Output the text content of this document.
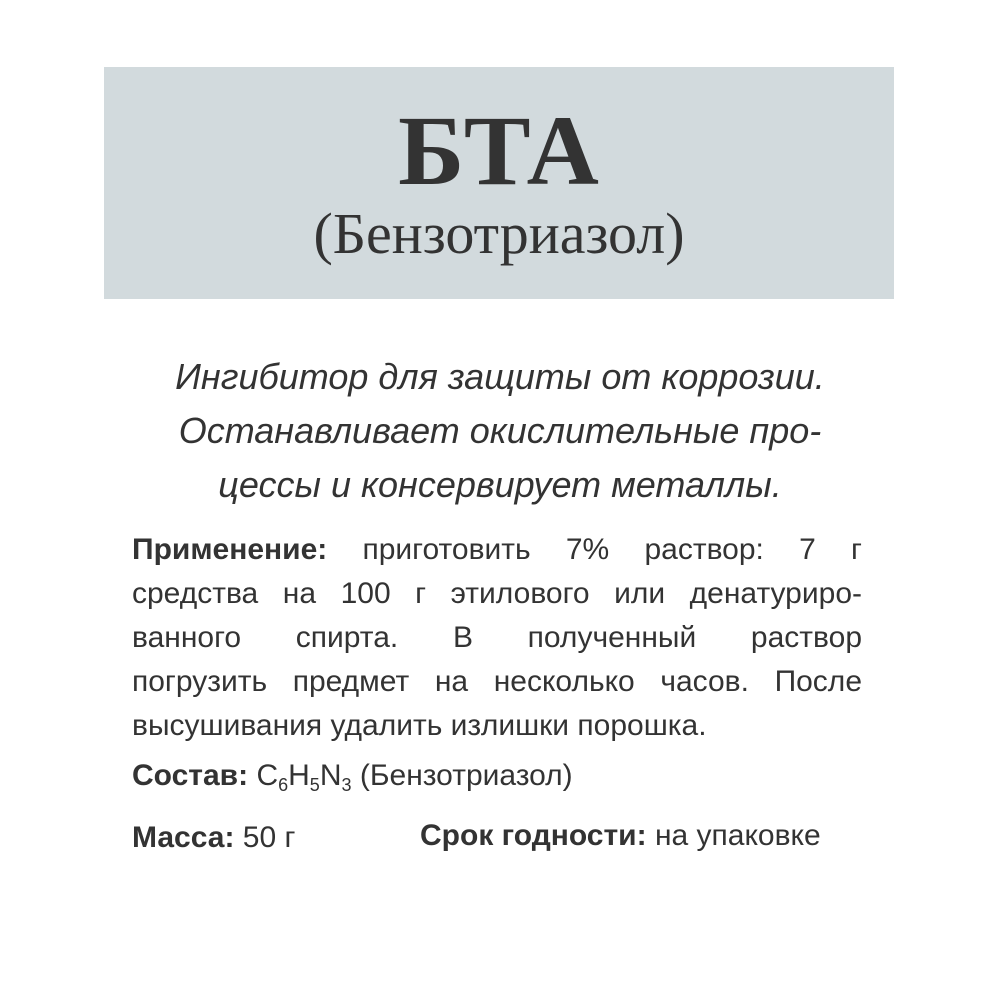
БТА
(Бензотриазол)
Ингибитор для защиты от коррозии.
Останавливает окислительные про-
цессы и консервирует металлы.
Применение: приготовить 7% раствор: 7 г
средства на 100 г этилового или денатуриро-
ванного спирта. В полученный раствор
погрузить предмет на несколько часов. После
высушивания удалить излишки порошка.
Состав: $C_6H_5N_3$ (Бензотриазол)
Масса: 50 г	Срок годности: на упаковке
